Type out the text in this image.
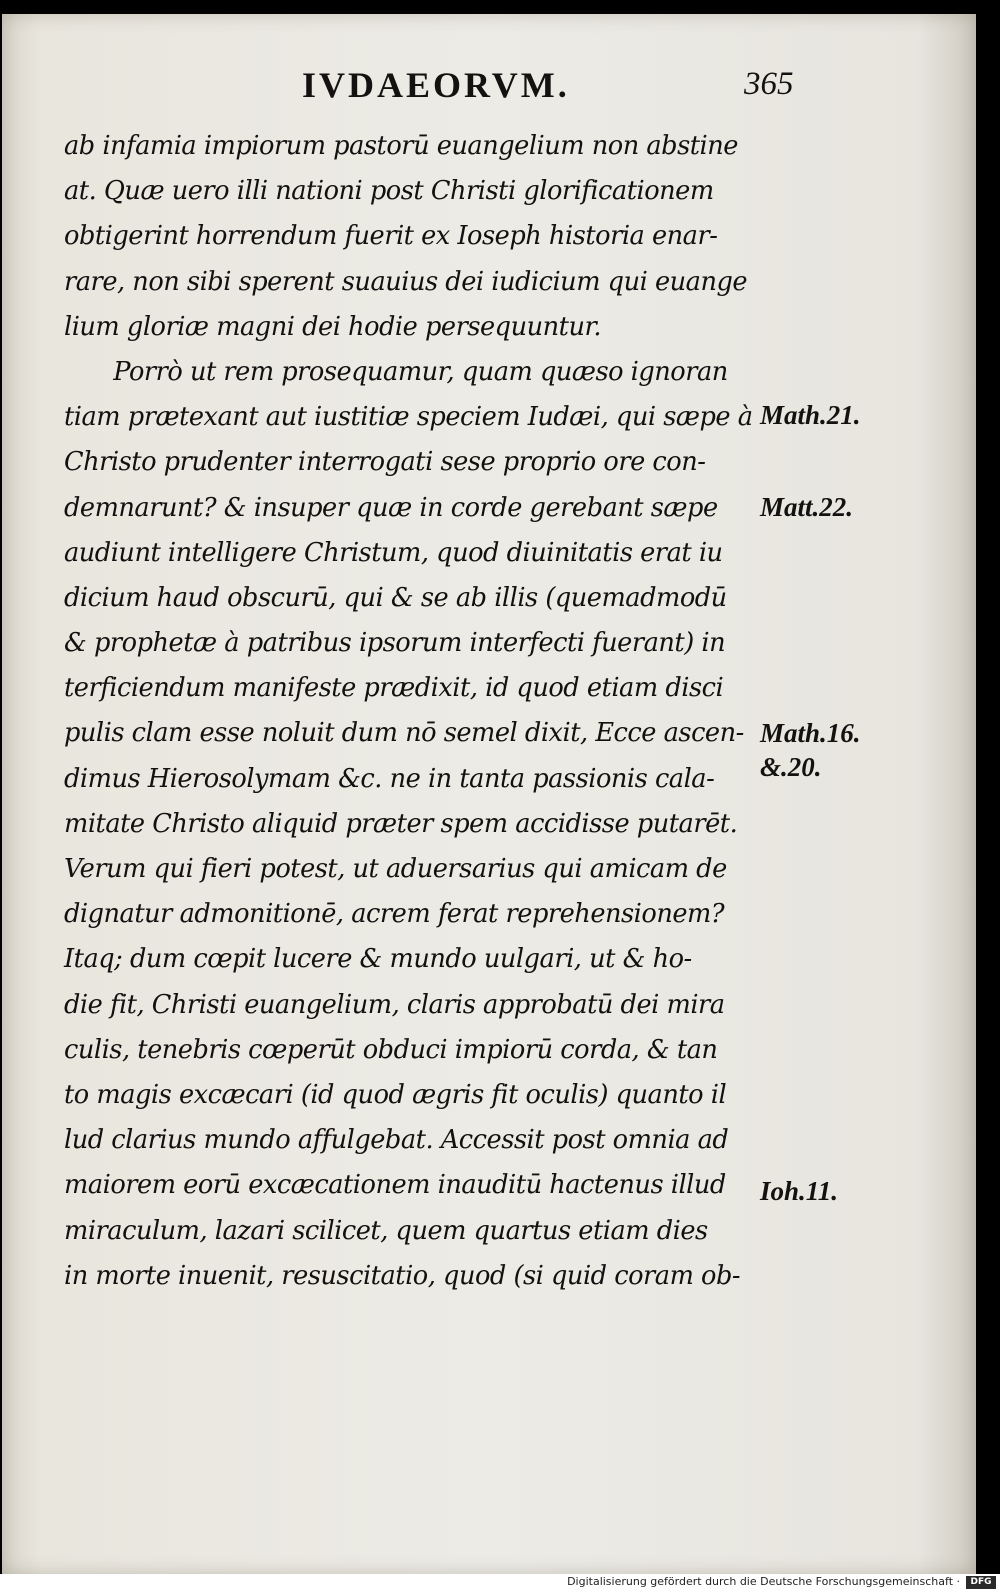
IVDAEORVM.	365
ab infamia impiorum pastorū euangelium non abstine
at. Quæ uero illi nationi post Christi glorificationem
obtigerint horrendum fuerit ex Ioseph historia enar-
rare, non sibi sperent suauius dei iudicium qui euange
lium gloriæ magni dei hodie persequuntur.
Porrò ut rem prosequamur, quam quæso ignoran
tiam prætexant aut iustitiæ speciem Iudæi, qui sæpe à
Christo prudenter interrogati sese proprio ore con-
demnarunt? & insuper quæ in corde gerebant sæpe
audiunt intelligere Christum, quod diuinitatis erat iu
dicium haud obscurū, qui & se ab illis (quemadmodū
& prophetæ à patribus ipsorum interfecti fuerant) in
terficiendum manifeste prædixit, id quod etiam disci
pulis clam esse noluit dum nō semel dixit, Ecce ascen-
dimus Hierosolymam &c. ne in tanta passionis cala-
mitate Christo aliquid præter spem accidisse putarēt.
Verum qui fieri potest, ut aduersarius qui amicam de
dignatur admonitionē, acrem ferat reprehensionem?
Itaq; dum cœpit lucere & mundo uulgari, ut & ho-
die fit, Christi euangelium, claris approbatū dei mira
culis, tenebris cœperūt obduci impiorū corda, & tan
to magis excæcari (id quod ægris fit oculis) quanto il
lud clarius mundo affulgebat. Accessit post omnia ad
maiorem eorū excæcationem inauditū hactenus illud
miraculum, lazari scilicet, quem quartus etiam dies
in morte inuenit, resuscitatio, quod (si quid coram ob-
Math.21.
Matt.22.
Math.16.
&.20.
Ioh.11.
Digitalisierung gefördert durch die Deutsche Forschungsgemeinschaft ·	DFG
